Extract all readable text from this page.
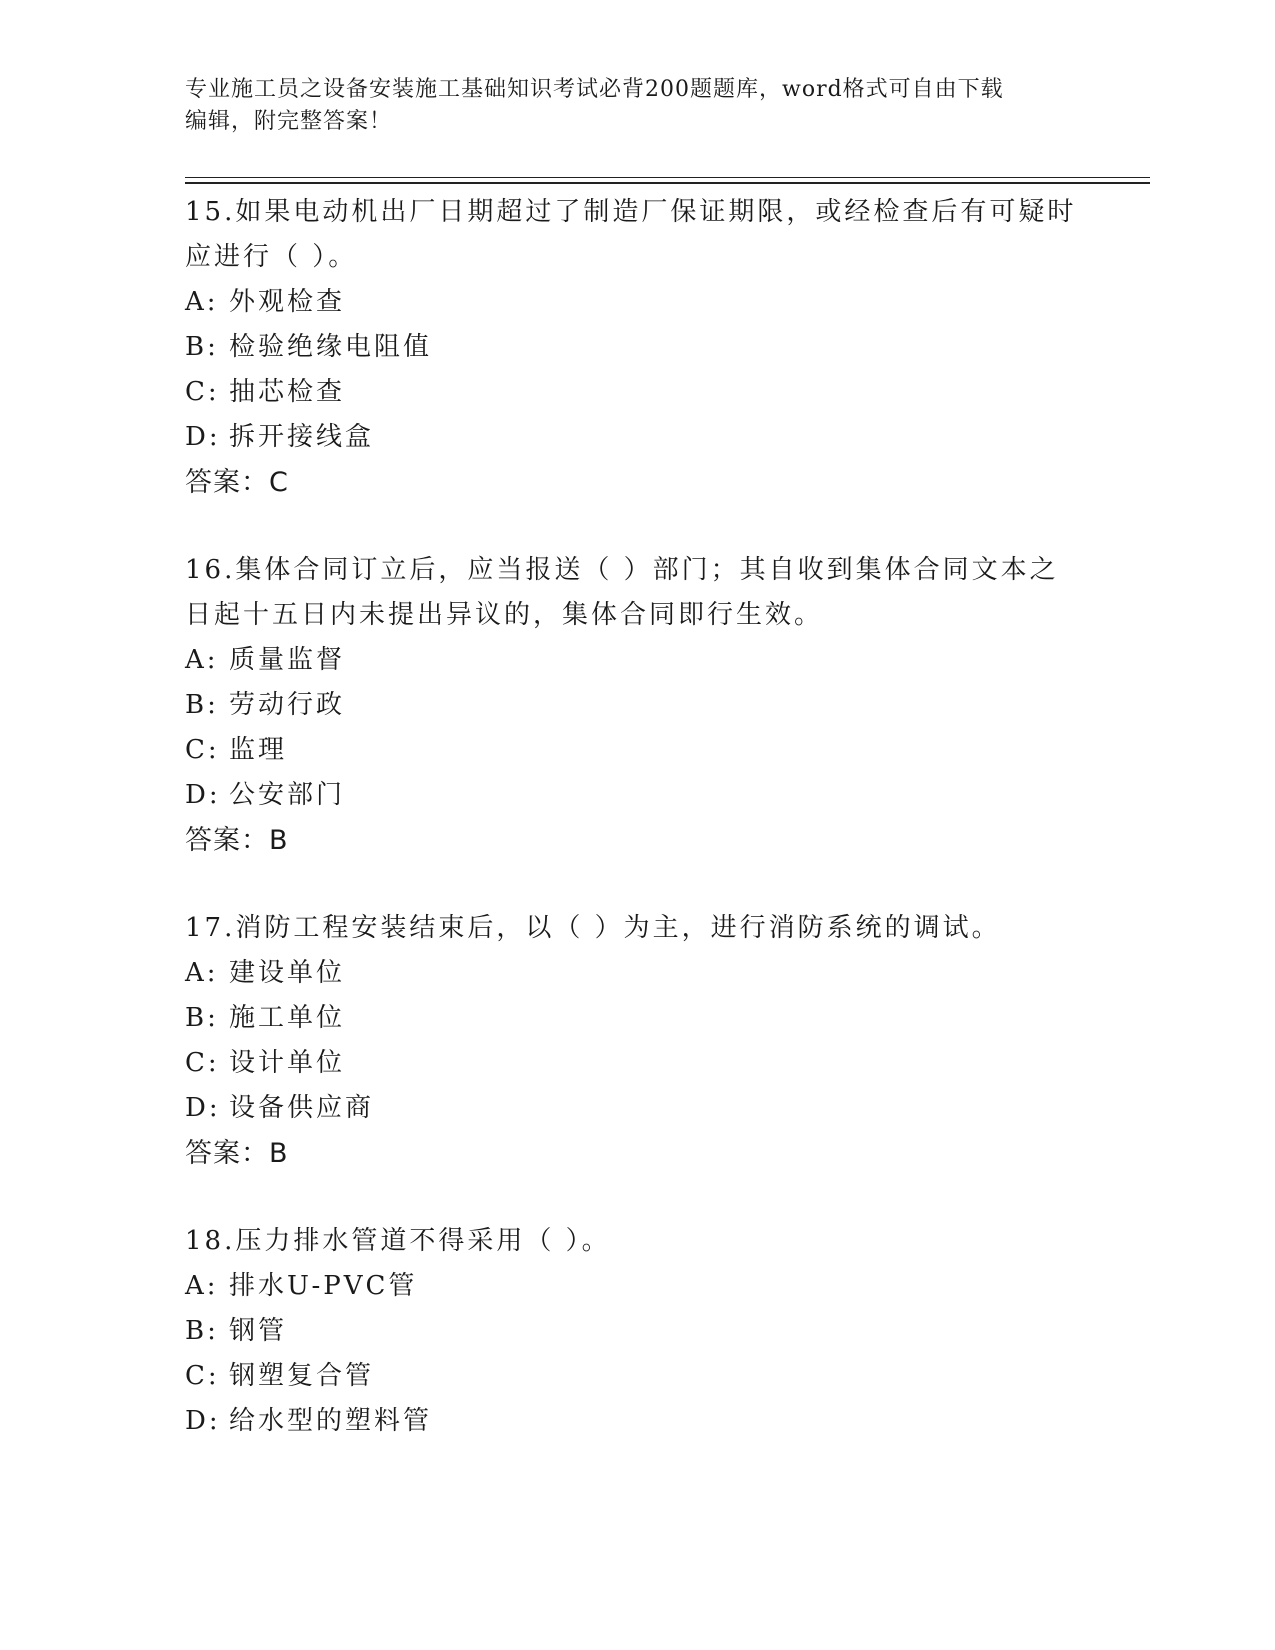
专业施工员之设备安装施工基础知识考试必背200题题库，word格式可自由下载
编辑，附完整答案！

15.如果电动机出厂日期超过了制造厂保证期限，或经检查后有可疑时
应进行（ ）。

A: 外观检查

B: 检验绝缘电阻值

C: 抽芯检查

D: 拆开接线盒

答案：C

16.集体合同订立后，应当报送（ ）部门；其自收到集体合同文本之
日起十五日内未提出异议的，集体合同即行生效。

A: 质量监督

B: 劳动行政

C: 监理

D: 公安部门

答案：B

17.消防工程安装结束后，以（ ）为主，进行消防系统的调试。

A: 建设单位

B: 施工单位

C: 设计单位

D: 设备供应商

答案：B

18.压力排水管道不得采用（ ）。

A: 排水U-PVC管

B: 钢管

C: 钢塑复合管

D: 给水型的塑料管
